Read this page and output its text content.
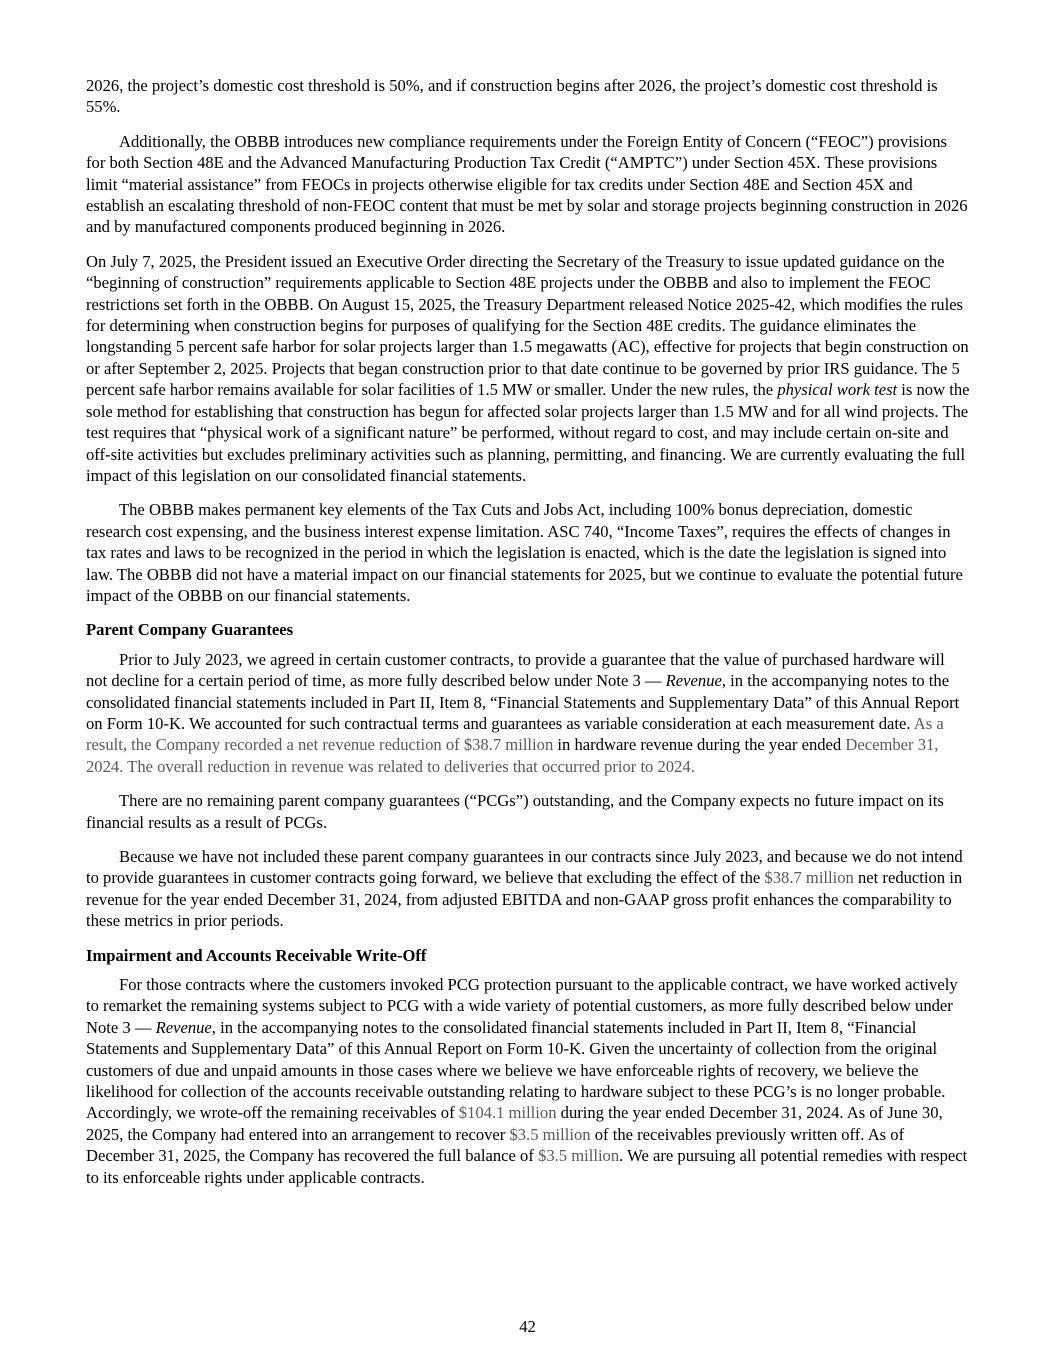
2026, the project’s domestic cost threshold is 50%, and if construction begins after 2026, the project’s domestic cost threshold is 55%.

Additionally, the OBBB introduces new compliance requirements under the Foreign Entity of Concern (“FEOC”) provisions for both Section 48E and the Advanced Manufacturing Production Tax Credit (“AMPTC”) under Section 45X. These provisions limit “material assistance” from FEOCs in projects otherwise eligible for tax credits under Section 48E and Section 45X and establish an escalating threshold of non-FEOC content that must be met by solar and storage projects beginning construction in 2026 and by manufactured components produced beginning in 2026.

On July 7, 2025, the President issued an Executive Order directing the Secretary of the Treasury to issue updated guidance on the “beginning of construction” requirements applicable to Section 48E projects under the OBBB and also to implement the FEOC restrictions set forth in the OBBB. On August 15, 2025, the Treasury Department released Notice 2025-42, which modifies the rules for determining when construction begins for purposes of qualifying for the Section 48E credits. The guidance eliminates the longstanding 5 percent safe harbor for solar projects larger than 1.5 megawatts (AC), effective for projects that begin construction on or after September 2, 2025. Projects that began construction prior to that date continue to be governed by prior IRS guidance. The 5 percent safe harbor remains available for solar facilities of 1.5 MW or smaller. Under the new rules, the physical work test is now the sole method for establishing that construction has begun for affected solar projects larger than 1.5 MW and for all wind projects. The test requires that “physical work of a significant nature” be performed, without regard to cost, and may include certain on-site and off-site activities but excludes preliminary activities such as planning, permitting, and financing. We are currently evaluating the full impact of this legislation on our consolidated financial statements.

The OBBB makes permanent key elements of the Tax Cuts and Jobs Act, including 100% bonus depreciation, domestic research cost expensing, and the business interest expense limitation. ASC 740, “Income Taxes”, requires the effects of changes in tax rates and laws to be recognized in the period in which the legislation is enacted, which is the date the legislation is signed into law. The OBBB did not have a material impact on our financial statements for 2025, but we continue to evaluate the potential future impact of the OBBB on our financial statements.

Parent Company Guarantees

Prior to July 2023, we agreed in certain customer contracts, to provide a guarantee that the value of purchased hardware will not decline for a certain period of time, as more fully described below under Note 3 — Revenue, in the accompanying notes to the consolidated financial statements included in Part II, Item 8, “Financial Statements and Supplementary Data” of this Annual Report on Form 10-K. We accounted for such contractual terms and guarantees as variable consideration at each measurement date. As a result, the Company recorded a net revenue reduction of $38.7 million in hardware revenue during the year ended December 31, 2024. The overall reduction in revenue was related to deliveries that occurred prior to 2024.

There are no remaining parent company guarantees (“PCGs”) outstanding, and the Company expects no future impact on its financial results as a result of PCGs.

Because we have not included these parent company guarantees in our contracts since July 2023, and because we do not intend to provide guarantees in customer contracts going forward, we believe that excluding the effect of the $38.7 million net reduction in revenue for the year ended December 31, 2024, from adjusted EBITDA and non-GAAP gross profit enhances the comparability to these metrics in prior periods.

Impairment and Accounts Receivable Write-Off

For those contracts where the customers invoked PCG protection pursuant to the applicable contract, we have worked actively to remarket the remaining systems subject to PCG with a wide variety of potential customers, as more fully described below under Note 3 — Revenue, in the accompanying notes to the consolidated financial statements included in Part II, Item 8, “Financial Statements and Supplementary Data” of this Annual Report on Form 10-K. Given the uncertainty of collection from the original customers of due and unpaid amounts in those cases where we believe we have enforceable rights of recovery, we believe the likelihood for collection of the accounts receivable outstanding relating to hardware subject to these PCG’s is no longer probable. Accordingly, we wrote-off the remaining receivables of $104.1 million during the year ended December 31, 2024. As of June 30, 2025, the Company had entered into an arrangement to recover $3.5 million of the receivables previously written off. As of December 31, 2025, the Company has recovered the full balance of $3.5 million. We are pursuing all potential remedies with respect to its enforceable rights under applicable contracts.

42
